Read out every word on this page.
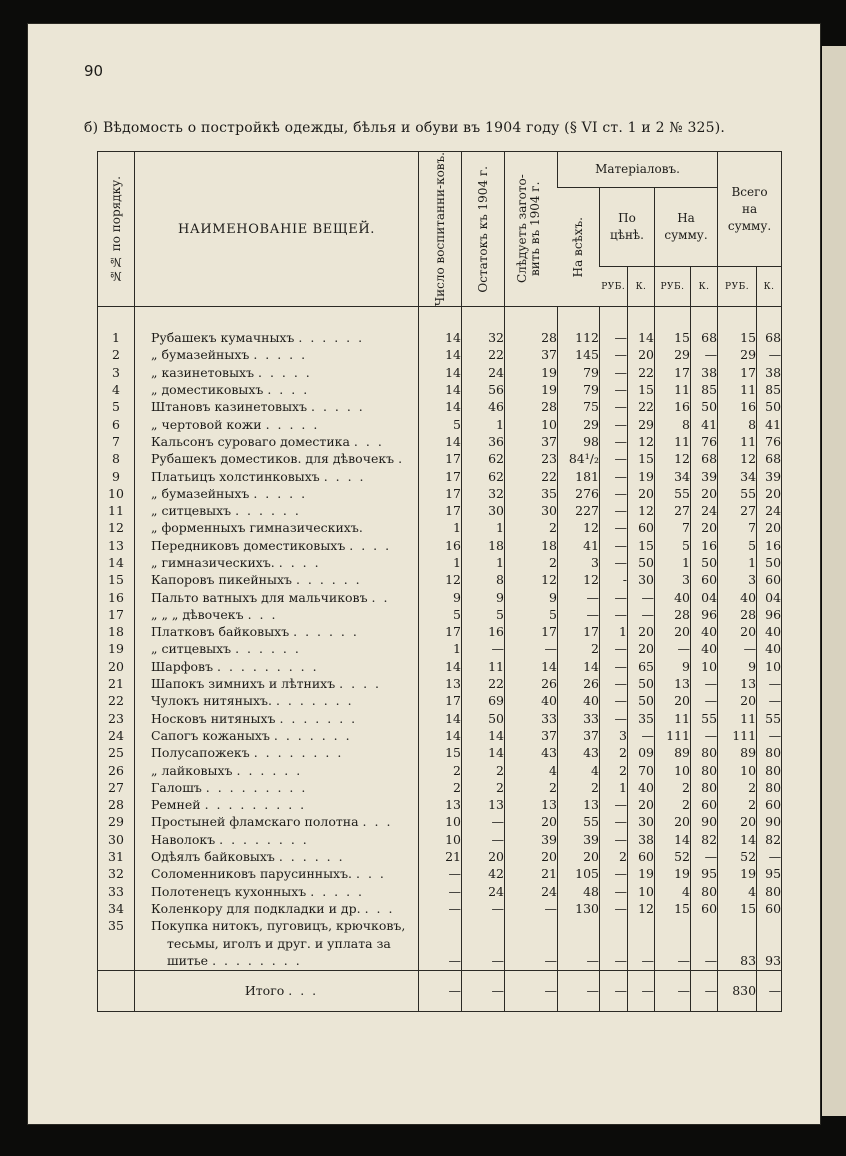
90
б) Вѣдомость о постройкѣ одежды, бѣлья и обуви въ 1904 году (§ VI ст. 1 и 2 № 325).
№№ по порядку.	НАИМЕНОВАНІЕ ВЕЩЕЙ.	Число воспитанни-ковъ.	Остатокъ къ 1904 г.	Слѣдуетъ загото-вить въ 1904 г.	Матеріаловъ.					Всего на сумму.	

					На всѣхъ.	По цѣнѣ.		На сумму.			
						РУБ.	К.	РУБ.	К.	РУБ.	К.

1	Рубашекъ кумачныхъ . . . . . .	14	32	28	112	—	14	15	68	15	68
2	„ бумазейныхъ . . . . .	14	22	37	145	—	20	29	—	29	—
3	„ казинетовыхъ . . . . .	14	24	19	79	—	22	17	38	17	38
4	„ доместиковыхъ . . . .	14	56	19	79	—	15	11	85	11	85
5	Штановъ казинетовыхъ . . . . .	14	46	28	75	—	22	16	50	16	50
6	„ чертовой кожи . . . . .	5	1	10	29	—	29	8	41	8	41
7	Кальсонъ суроваго доместика . . .	14	36	37	98	—	12	11	76	11	76
8	Рубашекъ доместиков. для дѣвочекъ .	17	62	23	84¹/₂	—	15	12	68	12	68
9	Платьицъ холстинковыхъ . . . .	17	62	22	181	—	19	34	39	34	39
10	„ бумазейныхъ . . . . .	17	32	35	276	—	20	55	20	55	20
11	„ ситцевыхъ . . . . . .	17	30	30	227	—	12	27	24	27	24
12	„ форменныхъ гимназическихъ.	1	1	2	12	—	60	7	20	7	20
13	Передниковъ доместиковыхъ . . . .	16	18	18	41	—	15	5	16	5	16
14	„ гимназическихъ. . . . .	1	1	2	3	—	50	1	50	1	50
15	Капоровъ пикейныхъ . . . . . .	12	8	12	12	-	30	3	60	3	60
16	Пальто ватныхъ для мальчиковъ . .	9	9	9	—	—	—	40	04	40	04
17	„ „ „ дѣвочекъ . . .	5	5	5	—	—	—	28	96	28	96
18	Платковъ байковыхъ . . . . . .	17	16	17	17	1	20	20	40	20	40
19	„ ситцевыхъ . . . . . .	1	—	—	2	—	20	—	40	—	40
20	Шарфовъ . . . . . . . . .	14	11	14	14	—	65	9	10	9	10
21	Шапокъ зимнихъ и лѣтнихъ . . . .	13	22	26	26	—	50	13	—	13	—
22	Чулокъ нитяныхъ. . . . . . . .	17	69	40	40	—	50	20	—	20	—
23	Носковъ нитяныхъ . . . . . . .	14	50	33	33	—	35	11	55	11	55
24	Сапогъ кожаныхъ . . . . . . .	14	14	37	37	3	—	111	—	111	—
25	Полусапожекъ . . . . . . . .	15	14	43	43	2	09	89	80	89	80
26	„ лайковыхъ . . . . . .	2	2	4	4	2	70	10	80	10	80
27	Галошъ . . . . . . . . .	2	2	2	2	1	40	2	80	2	80
28	Ремней . . . . . . . . .	13	13	13	13	—	20	2	60	2	60
29	Простыней фламскаго полотна . . .	10	—	20	55	—	30	20	90	20	90
30	Наволокъ . . . . . . . .	10	—	39	39	—	38	14	82	14	82
31	Одѣялъ байковыхъ . . . . . .	21	20	20	20	2	60	52	—	52	—
32	Соломенниковъ парусинныхъ. . . .	—	42	21	105	—	19	19	95	19	95
33	Полотенецъ кухонныхъ . . . . .	—	24	24	48	—	10	4	80	4	80
34	Коленкору для подкладки и др. . . .	—	—	—	130	—	12	15	60	15	60
35	Покупка нитокъ, пуговицъ, крючковъ,
тесьмы, иголъ и друг. и уплата за
шитье . . . . . . . .	—	—	—	—	—	—	—	—	83	93
	Итого . . .	—	—	—	—	—	—	—	—	830	—
